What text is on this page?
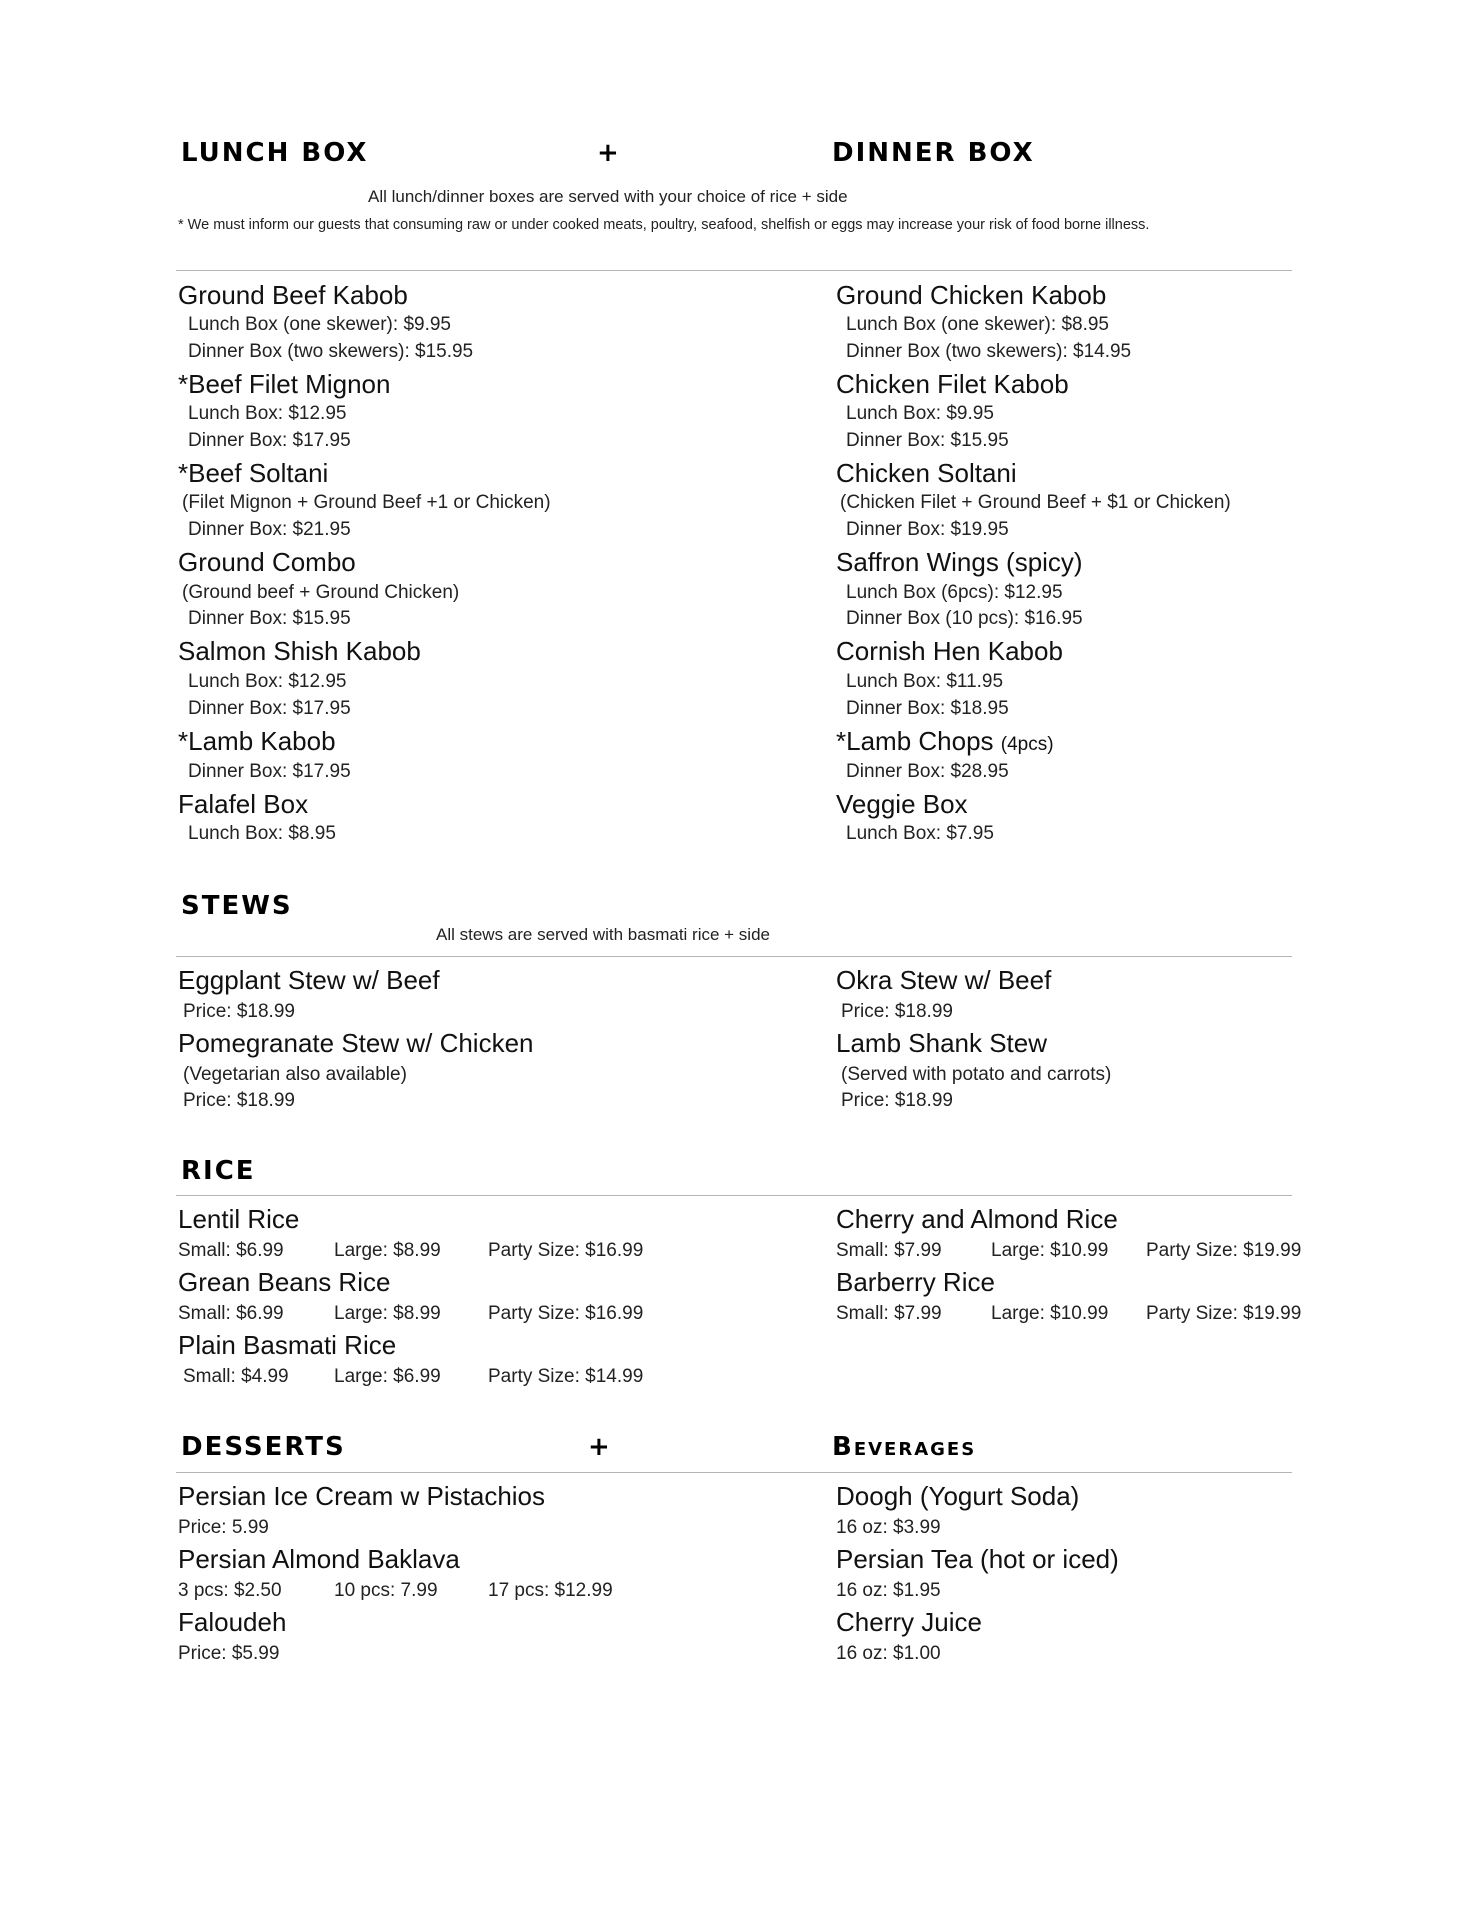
LUNCH BOX	+	DINNER BOX
All lunch/dinner boxes are served with your choice of rice + side
* We must inform our guests that consuming raw or under cooked meats, poultry, seafood, shelfish or eggs may increase your risk of food borne illness.
Ground Beef Kabob
Lunch Box (one skewer): $9.95
Dinner Box (two skewers): $15.95
*Beef Filet Mignon
Lunch Box: $12.95
Dinner Box: $17.95
*Beef Soltani
(Filet Mignon + Ground Beef +1 or Chicken)
Dinner Box: $21.95
Ground Combo
(Ground beef + Ground Chicken)
Dinner Box: $15.95
Salmon Shish Kabob
Lunch Box: $12.95
Dinner Box: $17.95
*Lamb Kabob
Dinner Box: $17.95
Falafel Box
Lunch Box: $8.95
Ground Chicken Kabob
Lunch Box (one skewer): $8.95
Dinner Box (two skewers): $14.95
Chicken Filet Kabob
Lunch Box: $9.95
Dinner Box: $15.95
Chicken Soltani
(Chicken Filet + Ground Beef + $1 or Chicken)
Dinner Box: $19.95
Saffron Wings (spicy)
Lunch Box (6pcs): $12.95
Dinner Box (10 pcs): $16.95
Cornish Hen Kabob
Lunch Box: $11.95
Dinner Box: $18.95
*Lamb Chops (4pcs)
Dinner Box: $28.95
Veggie Box
Lunch Box: $7.95
STEWS
All stews are served with basmati rice + side
Eggplant Stew w/ Beef
Price: $18.99
Pomegranate Stew w/ Chicken
(Vegetarian also available)
Price: $18.99
Okra Stew w/ Beef
Price: $18.99
Lamb Shank Stew
(Served with potato and carrots)
Price: $18.99
RICE
Lentil Rice
Small: $6.99	Large: $8.99 Party Size: $16.99
Grean Beans Rice
Small: $6.99	Large: $8.99 Party Size: $16.99
Plain Basmati Rice
Small: $4.99 Large: $6.99 Party Size: $14.99
Cherry and Almond Rice
Small: $7.99	Large: $10.99 Party Size: $19.99
Barberry Rice
Small: $7.99	Large: $10.99 Party Size: $19.99
DESSERTS	+	Beverages
Persian Ice Cream w Pistachios
Price: 5.99
Persian Almond Baklava
3 pcs: $2.50	10 pcs: 7.99	17 pcs: $12.99
Faloudeh
Price: $5.99
Doogh (Yogurt Soda)
16 oz: $3.99
Persian Tea (hot or iced)
16 oz: $1.95
Cherry Juice
16 oz: $1.00
